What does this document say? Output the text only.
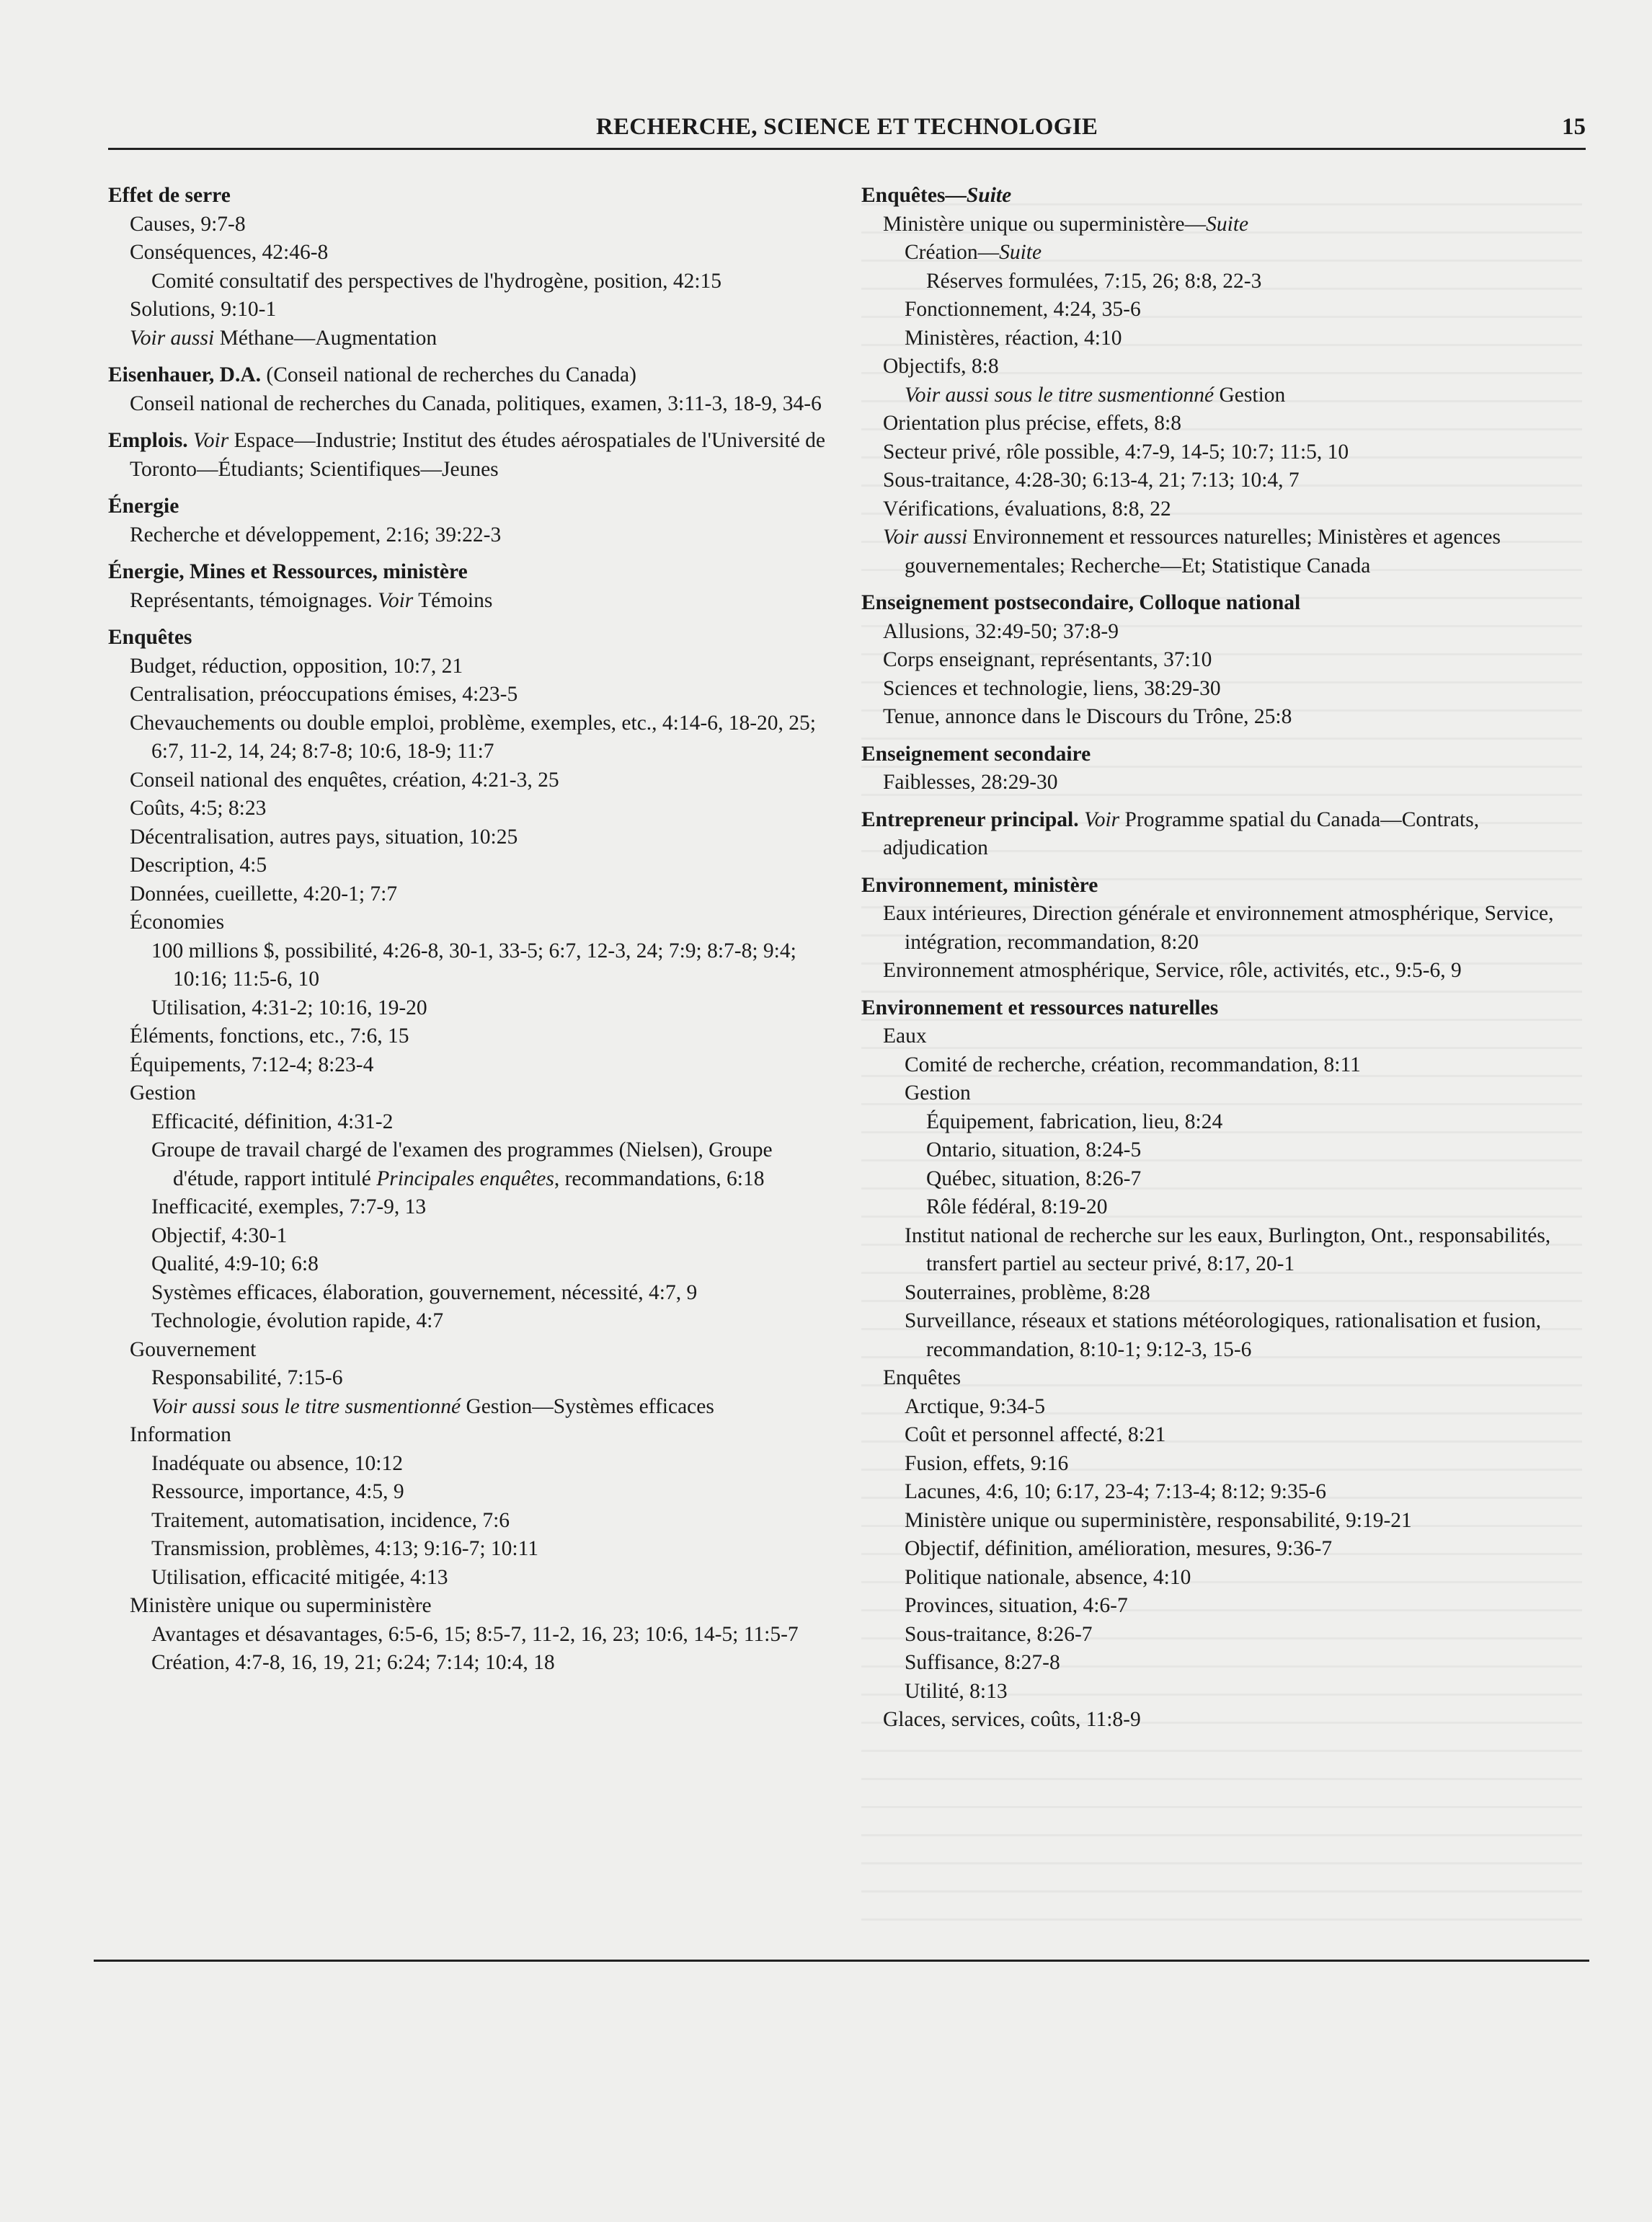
RECHERCHE, SCIENCE ET TECHNOLOGIE	15
Effet de serre
Causes, 9:7-8
Conséquences, 42:46-8
Comité consultatif des perspectives de l'hydrogène, position, 42:15
Solutions, 9:10-1
Voir aussi Méthane—Augmentation
Eisenhauer, D.A. (Conseil national de recherches du Canada)
Conseil national de recherches du Canada, politiques, examen, 3:11-3, 18-9, 34-6
Emplois. Voir Espace—Industrie; Institut des études aérospatiales de l'Université de Toronto—Étudiants; Scientifiques—Jeunes
Énergie
Recherche et développement, 2:16; 39:22-3
Énergie, Mines et Ressources, ministère
Représentants, témoignages. Voir Témoins
Enquêtes
Budget, réduction, opposition, 10:7, 21
Centralisation, préoccupations émises, 4:23-5
Chevauchements ou double emploi, problème, exemples, etc., 4:14-6, 18-20, 25; 6:7, 11-2, 14, 24; 8:7-8; 10:6, 18-9; 11:7
Conseil national des enquêtes, création, 4:21-3, 25
Coûts, 4:5; 8:23
Décentralisation, autres pays, situation, 10:25
Description, 4:5
Données, cueillette, 4:20-1; 7:7
Économies
100 millions $, possibilité, 4:26-8, 30-1, 33-5; 6:7, 12-3, 24; 7:9; 8:7-8; 9:4; 10:16; 11:5-6, 10
Utilisation, 4:31-2; 10:16, 19-20
Éléments, fonctions, etc., 7:6, 15
Équipements, 7:12-4; 8:23-4
Gestion
Efficacité, définition, 4:31-2
Groupe de travail chargé de l'examen des programmes (Nielsen), Groupe d'étude, rapport intitulé Principales enquêtes, recommandations, 6:18
Inefficacité, exemples, 7:7-9, 13
Objectif, 4:30-1
Qualité, 4:9-10; 6:8
Systèmes efficaces, élaboration, gouvernement, nécessité, 4:7, 9
Technologie, évolution rapide, 4:7
Gouvernement
Responsabilité, 7:15-6
Voir aussi sous le titre susmentionné Gestion—Systèmes efficaces
Information
Inadéquate ou absence, 10:12
Ressource, importance, 4:5, 9
Traitement, automatisation, incidence, 7:6
Transmission, problèmes, 4:13; 9:16-7; 10:11
Utilisation, efficacité mitigée, 4:13
Ministère unique ou superministère
Avantages et désavantages, 6:5-6, 15; 8:5-7, 11-2, 16, 23; 10:6, 14-5; 11:5-7
Création, 4:7-8, 16, 19, 21; 6:24; 7:14; 10:4, 18
Enquêtes—Suite
Ministère unique ou superministère—Suite
Création—Suite
Réserves formulées, 7:15, 26; 8:8, 22-3
Fonctionnement, 4:24, 35-6
Ministères, réaction, 4:10
Objectifs, 8:8
Voir aussi sous le titre susmentionné Gestion
Orientation plus précise, effets, 8:8
Secteur privé, rôle possible, 4:7-9, 14-5; 10:7; 11:5, 10
Sous-traitance, 4:28-30; 6:13-4, 21; 7:13; 10:4, 7
Vérifications, évaluations, 8:8, 22
Voir aussi Environnement et ressources naturelles; Ministères et agences gouvernementales; Recherche—Et; Statistique Canada
Enseignement postsecondaire, Colloque national
Allusions, 32:49-50; 37:8-9
Corps enseignant, représentants, 37:10
Sciences et technologie, liens, 38:29-30
Tenue, annonce dans le Discours du Trône, 25:8
Enseignement secondaire
Faiblesses, 28:29-30
Entrepreneur principal. Voir Programme spatial du Canada—Contrats, adjudication
Environnement, ministère
Eaux intérieures, Direction générale et environnement atmosphérique, Service, intégration, recommandation, 8:20
Environnement atmosphérique, Service, rôle, activités, etc., 9:5-6, 9
Environnement et ressources naturelles
Eaux
Comité de recherche, création, recommandation, 8:11
Gestion
Équipement, fabrication, lieu, 8:24
Ontario, situation, 8:24-5
Québec, situation, 8:26-7
Rôle fédéral, 8:19-20
Institut national de recherche sur les eaux, Burlington, Ont., responsabilités, transfert partiel au secteur privé, 8:17, 20-1
Souterraines, problème, 8:28
Surveillance, réseaux et stations météorologiques, rationalisation et fusion, recommandation, 8:10-1; 9:12-3, 15-6
Enquêtes
Arctique, 9:34-5
Coût et personnel affecté, 8:21
Fusion, effets, 9:16
Lacunes, 4:6, 10; 6:17, 23-4; 7:13-4; 8:12; 9:35-6
Ministère unique ou superministère, responsabilité, 9:19-21
Objectif, définition, amélioration, mesures, 9:36-7
Politique nationale, absence, 4:10
Provinces, situation, 4:6-7
Sous-traitance, 8:26-7
Suffisance, 8:27-8
Utilité, 8:13
Glaces, services, coûts, 11:8-9
